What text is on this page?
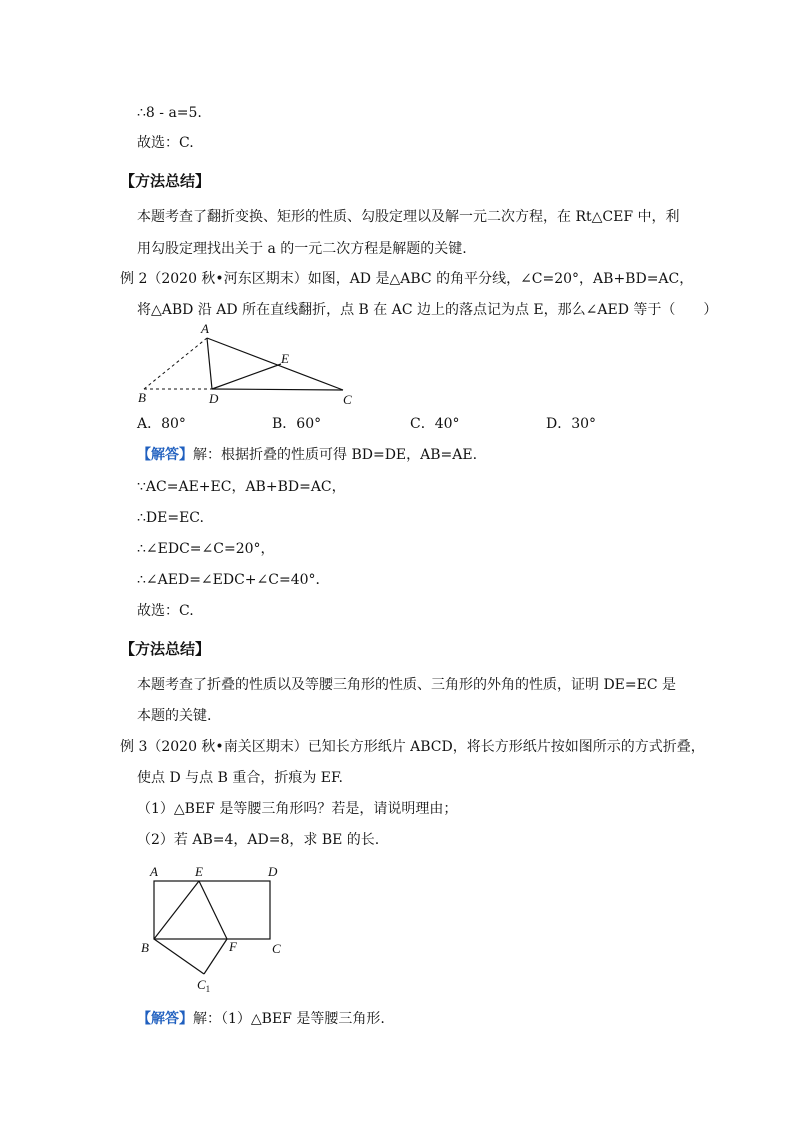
∴8 - a=5.
故选：C.
【方法总结】
本题考查了翻折变换、矩形的性质、勾股定理以及解一元二次方程，在 Rt△CEF 中，利
用勾股定理找出关于 a 的一元二次方程是解题的关键.
例 2（2020 秋•河东区期末）如图，AD 是△ABC 的角平分线，∠C=20°，AB+BD=AC，
将△ABD 沿 AD 所在直线翻折，点 B 在 AC 边上的落点记为点 E，那么∠AED 等于（　　）
A
E
B	D	C
A．80°	B．60°	C．40°	D．30°
【解答】解：根据折叠的性质可得 BD=DE，AB=AE.
∵AC=AE+EC，AB+BD=AC，
∴DE=EC.
∴∠EDC=∠C=20°，
∴∠AED=∠EDC+∠C=40°．
故选：C.
【方法总结】
本题考查了折叠的性质以及等腰三角形的性质、三角形的外角的性质，证明 DE=EC 是
本题的关键.
例 3（2020 秋•南关区期末）已知长方形纸片 ABCD，将长方形纸片按如图所示的方式折叠，
使点 D 与点 B 重合，折痕为 EF.
（1）△BEF 是等腰三角形吗？若是，请说明理由；
（2）若 AB=4，AD=8，求 BE 的长.
A	E	D
B	F	C
$C_1$
【解答】解：（1）△BEF 是等腰三角形.
